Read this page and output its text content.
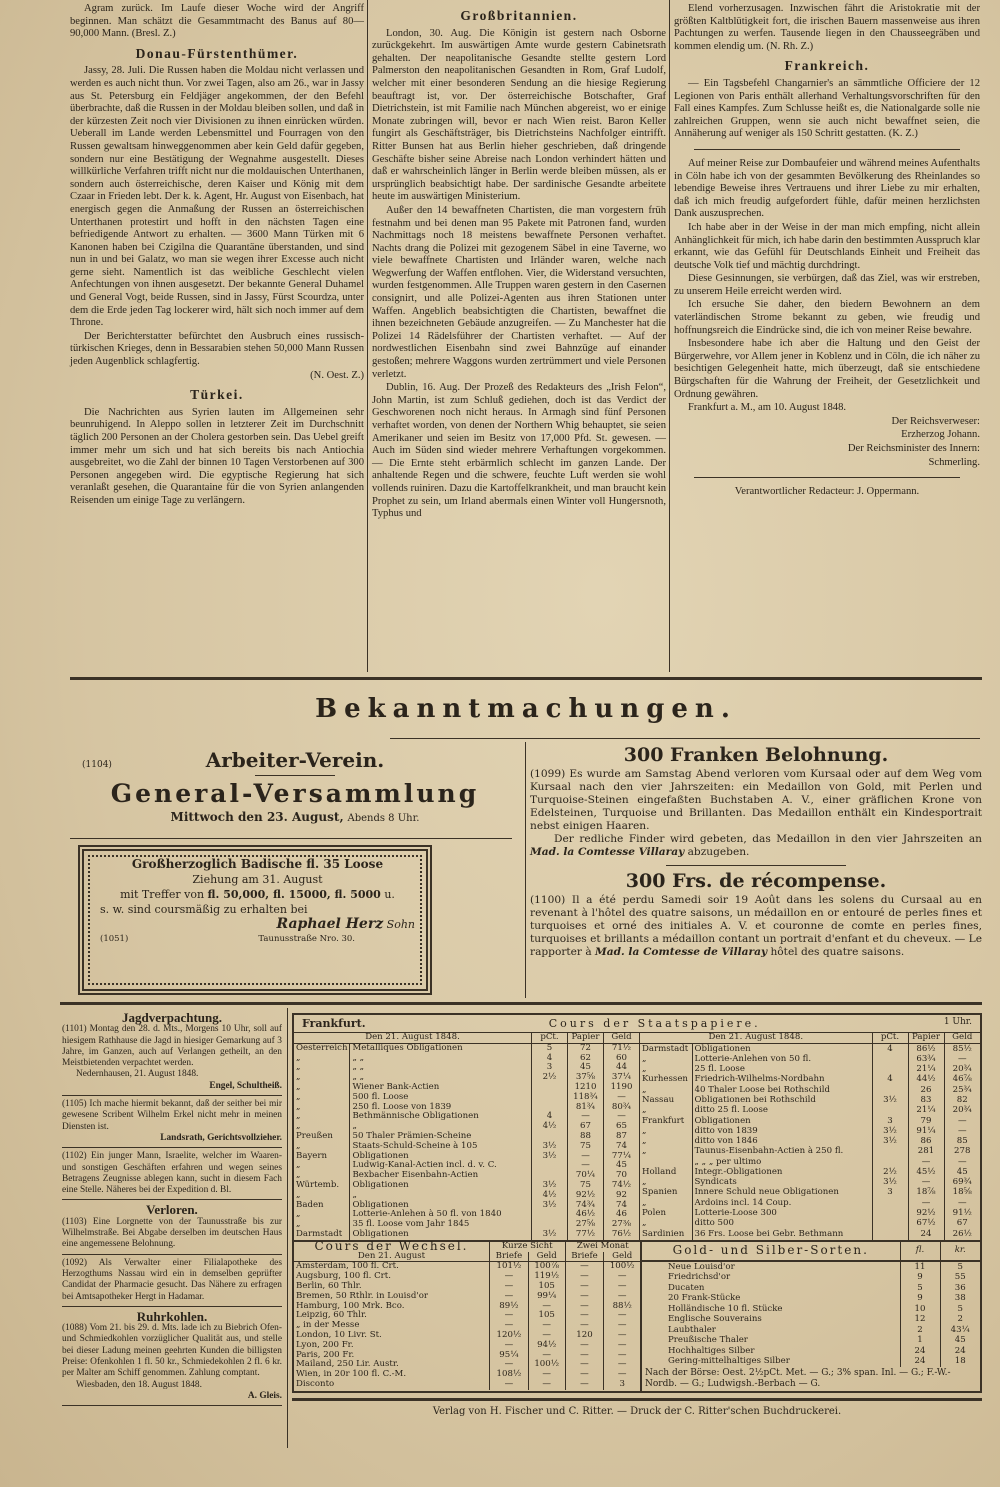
Agram zurück. Im Laufe dieser Woche wird der Angriff beginnen. Man schätzt die Gesammtmacht des Banus auf 80—90,000 Mann. (Bresl. Z.)

Donau-Fürstenthümer.

Jassy, 28. Juli. Die Russen haben die Moldau nicht verlassen und werden es auch nicht thun. Vor zwei Tagen, also am 26., war in Jassy aus St. Petersburg ein Feldjäger angekommen, der den Befehl überbrachte, daß die Russen in der Moldau bleiben sollen, und daß in der kürzesten Zeit noch vier Divisionen zu ihnen einrücken würden. Ueberall im Lande werden Lebensmittel und Fourragen von den Russen gewaltsam hinweggenommen aber kein Geld dafür gegeben, sondern nur eine Bestätigung der Wegnahme ausgestellt. Dieses willkürliche Verfahren trifft nicht nur die moldauischen Unterthanen, sondern auch österreichische, deren Kaiser und König mit dem Czaar in Frieden lebt. Der k. k. Agent, Hr. August von Eisenbach, hat energisch gegen die Anmaßung der Russen an österreichischen Unterthanen protestirt und hofft in den nächsten Tagen eine befriedigende Antwort zu erhalten. — 3600 Mann Türken mit 6 Kanonen haben bei Czigilna die Quarantäne überstanden, und sind nun in und bei Galatz, wo man sie wegen ihrer Excesse auch nicht gerne sieht. Namentlich ist das weibliche Geschlecht vielen Anfechtungen von ihnen ausgesetzt. Der bekannte General Duhamel und General Vogt, beide Russen, sind in Jassy, Fürst Scourdza, unter dem die Erde jeden Tag lockerer wird, hält sich noch immer auf dem Throne.

Der Berichterstatter befürchtet den Ausbruch eines russisch-türkischen Krieges, denn in Bessarabien stehen 50,000 Mann Russen jeden Augenblick schlagfertig.

(N. Oest. Z.)

Türkei.

Die Nachrichten aus Syrien lauten im Allgemeinen sehr beunruhigend. In Aleppo sollen in letzterer Zeit im Durchschnitt täglich 200 Personen an der Cholera gestorben sein. Das Uebel greift immer mehr um sich und hat sich bereits bis nach Antiochia ausgebreitet, wo die Zahl der binnen 10 Tagen Verstorbenen auf 300 Personen angegeben wird. Die egyptische Regierung hat sich veranlaßt gesehen, die Quarantaine für die von Syrien anlangenden Reisenden um einige Tage zu verlängern.

Großbritannien.

London, 30. Aug. Die Königin ist gestern nach Osborne zurückgekehrt. Im auswärtigen Amte wurde gestern Cabinetsrath gehalten. Der neapolitanische Gesandte stellte gestern Lord Palmerston den neapolitanischen Gesandten in Rom, Graf Ludolf, welcher mit einer besonderen Sendung an die hiesige Regierung beauftragt ist, vor. Der österreichische Botschafter, Graf Dietrichstein, ist mit Familie nach München abgereist, wo er einige Monate zubringen will, bevor er nach Wien reist. Baron Keller fungirt als Geschäftsträger, bis Dietrichsteins Nachfolger eintrifft. Ritter Bunsen hat aus Berlin hieher geschrieben, daß dringende Geschäfte bisher seine Abreise nach London verhindert hätten und daß er wahrscheinlich länger in Berlin werde bleiben müssen, als er ursprünglich beabsichtigt habe. Der sardinische Gesandte arbeitete heute im auswärtigen Ministerium.

Außer den 14 bewaffneten Chartisten, die man vorgestern früh festnahm und bei denen man 95 Pakete mit Patronen fand, wurden Nachmittags noch 18 meistens bewaffnete Personen verhaftet. Nachts drang die Polizei mit gezogenem Säbel in eine Taverne, wo viele bewaffnete Chartisten und Irländer waren, welche nach Wegwerfung der Waffen entflohen. Vier, die Widerstand versuchten, wurden festgenommen. Alle Truppen waren gestern in den Casernen consignirt, und alle Polizei-Agenten aus ihren Stationen unter Waffen. Angeblich beabsichtigten die Chartisten, bewaffnet die ihnen bezeichneten Gebäude anzugreifen. — Zu Manchester hat die Polizei 14 Rädelsführer der Chartisten verhaftet. — Auf der nordwestlichen Eisenbahn sind zwei Bahnzüge auf einander gestoßen; mehrere Waggons wurden zertrümmert und viele Personen verletzt.

Dublin, 16. Aug. Der Prozeß des Redakteurs des „Irish Felon“, John Martin, ist zum Schluß gediehen, doch ist das Verdict der Geschworenen noch nicht heraus. In Armagh sind fünf Personen verhaftet worden, von denen der Northern Whig behauptet, sie seien Amerikaner und seien im Besitz von 17,000 Pfd. St. gewesen. — Auch im Süden sind wieder mehrere Verhaftungen vorgekommen. — Die Ernte steht erbärmlich schlecht im ganzen Lande. Der anhaltende Regen und die schwere, feuchte Luft werden sie wohl vollends ruiniren. Dazu die Kartoffelkrankheit, und man braucht kein Prophet zu sein, um Irland abermals einen Winter voll Hungersnoth, Typhus und

Elend vorherzusagen. Inzwischen fährt die Aristokratie mit der größten Kaltblütigkeit fort, die irischen Bauern massenweise aus ihren Pachtungen zu werfen. Tausende liegen in den Chausseegräben und kommen elendig um. (N. Rh. Z.)

Frankreich.

— Ein Tagsbefehl Changarnier's an sämmtliche Officiere der 12 Legionen von Paris enthält allerhand Verhaltungsvorschriften für den Fall eines Kampfes. Zum Schlusse heißt es, die Nationalgarde solle nie zahlreichen Gruppen, wenn sie auch nicht bewaffnet seien, die Annäherung auf weniger als 150 Schritt gestatten. (K. Z.)

Auf meiner Reise zur Dombaufeier und während meines Aufenthalts in Cöln habe ich von der gesammten Bevölkerung des Rheinlandes so lebendige Beweise ihres Vertrauens und ihrer Liebe zu mir erhalten, daß ich mich freudig aufgefordert fühle, dafür meinen herzlichsten Dank auszusprechen.

Ich habe aber in der Weise in der man mich empfing, nicht allein Anhänglichkeit für mich, ich habe darin den bestimmten Ausspruch klar erkannt, wie das Gefühl für Deutschlands Einheit und Freiheit das deutsche Volk tief und mächtig durchdringt.

Diese Gesinnungen, sie verbürgen, daß das Ziel, was wir erstreben, zu unserem Heile erreicht werden wird.

Ich ersuche Sie daher, den biedern Bewohnern an dem vaterländischen Strome bekannt zu geben, wie freudig und hoffnungsreich die Eindrücke sind, die ich von meiner Reise bewahre.

Insbesondere habe ich aber die Haltung und den Geist der Bürgerwehre, vor Allem jener in Koblenz und in Cöln, die ich näher zu besichtigen Gelegenheit hatte, mich überzeugt, daß sie entschiedene Bürgschaften für die Wahrung der Freiheit, der Gesetzlichkeit und Ordnung gewähren.

Frankfurt a. M., am 10. August 1848.

Der Reichsverweser:

Erzherzog Johann.

Der Reichsminister des Innern:

Schmerling.

Verantwortlicher Redacteur: J. Oppermann.

Bekanntmachungen.
(1104)	Arbeiter-Verein.
General-Versammlung
Mittwoch den 23. August, Abends 8 Uhr.
Großherzoglich Badische fl. 35 Loose
Ziehung am 31. August
mit Treffer von fl. 50,000, fl. 15000, fl. 5000 u.
s. w. sind coursmäßig zu erhalten bei
Raphael Herz Sohn
(1051)	Taunusstraße Nro. 30.
300 Franken Belohnung.

(1099) Es wurde am Samstag Abend verloren vom Kursaal oder auf dem Weg vom Kursaal nach den vier Jahrszeiten: ein Medaillon von Gold, mit Perlen und Turquoise-Steinen eingefaßten Buchstaben A. V., einer gräflichen Krone von Edelsteinen, Turquoise und Brillanten. Das Medaillon enthält ein Kindesportrait nebst einigen Haaren.

Der redliche Finder wird gebeten, das Medaillon in den vier Jahrszeiten an Mad. la Comtesse Villaray abzugeben.

300 Frs. de récompense.

(1100) Il a été perdu Samedi soir 19 Août dans les solens du Cursaal au en revenant à l'hôtel des quatre saisons, un médaillon en or entouré de perles fines et turquoises et orné des initiales A. V. et couronne de comte en perles fines, turquoises et brillants a médaillon contant un portrait d'enfant et du cheveux. — Le rapporter à Mad. la Comtesse de Villaray hôtel des quatre saisons.

Jagdverpachtung.
(1101) Montag den 28. d. Mts., Morgens 10 Uhr, soll auf hiesigem Rathhause die Jagd in hiesiger Gemarkung auf 3 Jahre, im Ganzen, auch auf Verlangen getheilt, an den Meistbietenden verpachtet werden.
Nedernhausen, 21. August 1848.
Engel, Schultheiß.
(1105) Ich mache hiermit bekannt, daß der seither bei mir gewesene Scribent Wilhelm Erkel nicht mehr in meinen Diensten ist.
Landsrath, Gerichtsvollzieher.
(1102) Ein junger Mann, Israelite, welcher im Waaren- und sonstigen Geschäften erfahren und wegen seines Betragens Zeugnisse ablegen kann, sucht in diesem Fach eine Stelle. Näheres bei der Expedition d. Bl.
Verloren.
(1103) Eine Lorgnette von der Taunusstraße bis zur Wilhelmstraße. Bei Abgabe derselben im deutschen Haus eine angemessene Belohnung.
(1092) Als Verwalter einer Filialapotheke des Herzogthums Nassau wird ein in demselben geprüfter Candidat der Pharmacie gesucht. Das Nähere zu erfragen bei Amtsapotheker Hergt in Hadamar.
Ruhrkohlen.
(1088) Vom 21. bis 29. d. Mts. lade ich zu Biebrich Ofen- und Schmiedkohlen vorzüglicher Qualität aus, und stelle bei dieser Ladung meinen geehrten Kunden die billigsten Preise: Ofenkohlen 1 fl. 50 kr., Schmiedekohlen 2 fl. 6 kr. per Malter am Schiff genommen. Zahlung comptant.
Wiesbaden, den 18. August 1848.
A. Gleis.
Frankfurt.	Cours der Staatspapiere.	1 Uhr.
Den 21. August 1848.		pCt.	Papier	Geld
Oesterreich	Metalliques Obligationen	5	72	71½
„	„ „	4	62	60
„	„ „	3	45	44
„	„ „	2½	37⅝	37¼
„	Wiener Bank-Actien		1210	1190
„	500 fl. Loose		118¾	—
„	250 fl. Loose von 1839		81¾	80¾
„	Bethmännische Obligationen	4	—	—
„	„	4½	67	65
Preußen	50 Thaler Prämien-Scheine		88	87
„	Staats-Schuld-Scheine à 105	3½	75	74
Bayern	Obligationen	3½	—	77¼
„	Ludwig-Kanal-Actien incl. d. v. C.		—	45
„	Bexbacher Eisenbahn-Actien		70¼	70
Würtemb.	Obligationen	3½	75	74½
„	„	4½	92½	92
Baden	Obligationen	3½	74¾	74
„	Lotterie-Anlehen à 50 fl. von 1840		46½	46
„	35 fl. Loose vom Jahr 1845		27⅝	27⅜
Darmstadt	Obligationen	3½	77½	76½
Den 21. August 1848.		pCt.	Papier	Geld
Darmstadt	Obligationen	4	86½	85½
„	Lotterie-Anlehen von 50 fl.		63¾	—
„	25 fl. Loose		21¼	20¾
Kurhessen	Friedrich-Wilhelms-Nordbahn	4	44½	46⅞
„	40 Thaler Loose bei Rothschild		26	25¾
Nassau	Obligationen bei Rothschild	3½	83	82
„	ditto 25 fl. Loose		21¼	20¾
Frankfurt	Obligationen	3	79	—
„	ditto von 1839	3½	91¼	—
„	ditto von 1846	3½	86	85
„	Taunus-Eisenbahn-Actien à 250 fl.		281	278
	„ „ „ per ultimo		—	—
Holland	Integr.-Obligationen	2½	45½	45
„	Syndicats	3½	—	69¾
Spanien	Innere Schuld neue Obligationen	3	18⅞	18⅝
„	Ardoins incl. 14 Coup.		—	—
Polen	Lotterie-Loose 300		92½	91½
„	ditto 500		67½	67
Sardinien	36 Frs. Loose bei Gebr. Bethmann		24	26½
Cours der Wechsel.	Kurze Sicht		Zwei Monat	
Den 21. August	Briefe	Geld	Briefe	Geld
Amsterdam, 100 fl. Crt.	101½	100⅞	—	100½
Augsburg, 100 fl. Crt.	—	119½	—	—
Berlin, 60 Thlr.	—	105	—	—
Bremen, 50 Rthlr. in Louisd'or	—	99¼	—	—
Hamburg, 100 Mrk. Bco.	89½	—	—	88½
Leipzig, 60 Thlr.	—	105	—	—
„ in der Messe	—	—	—	—
London, 10 Livr. St.	120½	—	120	—
Lyon, 200 Fr.	—	94½	—	—
Paris, 200 Fr.	95¼	—	—	—
Mailand, 250 Lir. Austr.	—	100½	—	—
Wien, in 20r 100 fl. C.-M.	108½	—	—	—
Disconto	—	—	—	3
Gold- und Silber-Sorten.	fl.	kr.
Neue Louisd'or	11	5
Friedrichsd'or	9	55
Ducaten	5	36
20 Frank-Stücke	9	38
Holländische 10 fl. Stücke	10	5
Englische Souverains	12	2
Laubthaler	2	43¼
Preußische Thaler	1	45
Hochhaltiges Silber	24	24
Gering-mittelhaltiges Silber	24	18
Nach der Börse: Oest. 2½pCt. Met. — G.; 3% span. Inl. — G.; F.-W.-Nordb. — G.; Ludwigsh.-Berbach — G.
Verlag von H. Fischer und C. Ritter. — Druck der C. Ritter'schen Buchdruckerei.
